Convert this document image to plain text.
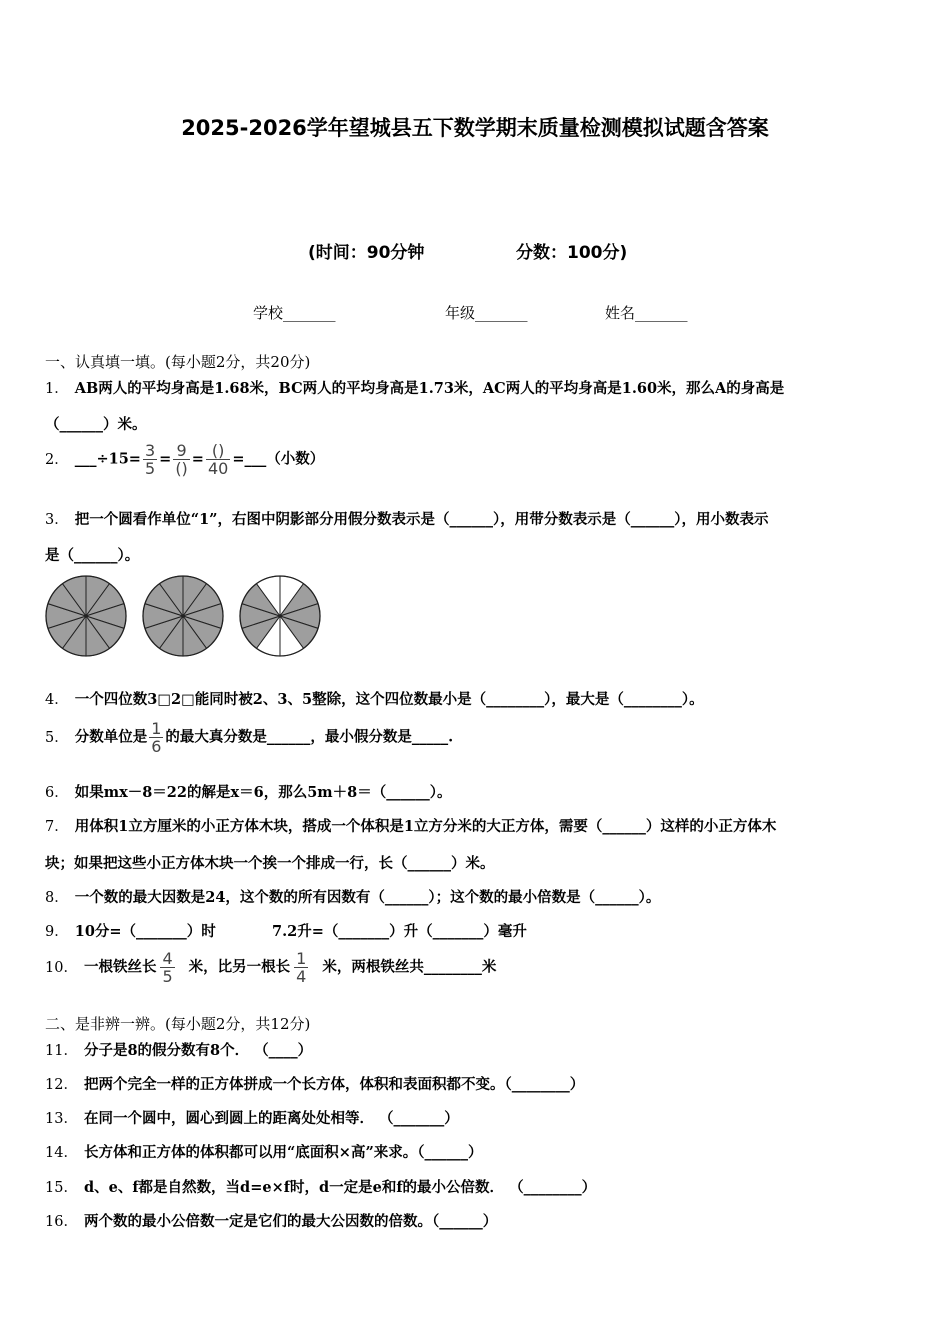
2025-2026学年望城县五下数学期末质量检测模拟试题含答案
(时间：90分钟	分数：100分)
学校_______	年级_______	姓名_______
一、认真填一填。(每小题2分，共20分)
1． AB两人的平均身高是1.68米，BC两人的平均身高是1.73米，AC两人的平均身高是1.60米，那么A的身高是
（______）米。
2． ___÷15= $\frac{3}{5} = \frac{9}{()} = \frac{()}{40}$ =___（小数）
3． 把一个圆看作单位“1”，右图中阴影部分用假分数表示是（______），用带分数表示是（______），用小数表示
是（______）。
4． 一个四位数3□2□能同时被2、3、5整除，这个四位数最小是（________），最大是（________）。
5． 分数单位是 $\frac{1}{6}$ 的最大真分数是______，最小假分数是_____.
6． 如果mx－8＝22的解是x＝6，那么5m＋8＝（______）。
7． 用体积1立方厘米的小正方体木块，搭成一个体积是1立方分米的大正方体，需要（______）这样的小正方体木
块；如果把这些小正方体木块一个挨一个排成一行，长（______）米。
8． 一个数的最大因数是24，这个数的所有因数有（______）；这个数的最小倍数是（______）。
9． 10分=（_______）时	7.2升=（_______）升（_______）毫升
10． 一根铁丝长 $\frac{4}{5}$ 米，比另一根长 $\frac{1}{4}$ 米，两根铁丝共________米
二、是非辨一辨。(每小题2分，共12分)
11． 分子是8的假分数有8个． （____）
12． 把两个完全一样的正方体拼成一个长方体，体积和表面积都不变。（________）
13． 在同一个圆中，圆心到圆上的距离处处相等． （_______）
14． 长方体和正方体的体积都可以用“底面积×高”来求。（______）
15． d、e、f都是自然数，当d=e×f时，d一定是e和f的最小公倍数． （________）
16． 两个数的最小公倍数一定是它们的最大公因数的倍数。（______）
